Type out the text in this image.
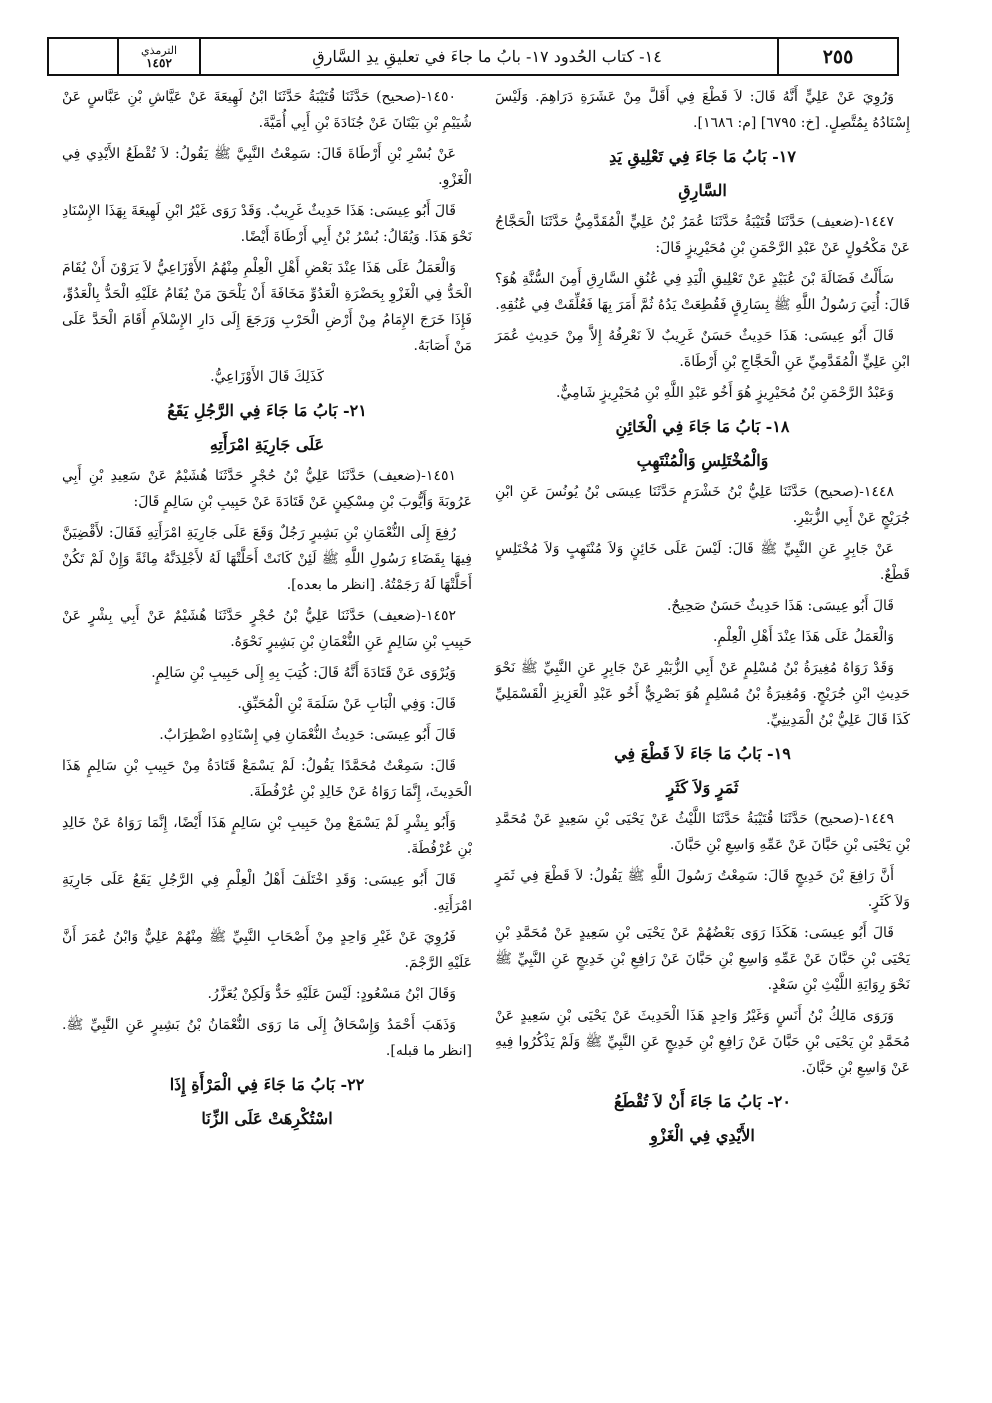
٢٥٥
١٤- كتاب الحُدود ١٧- بابُ ما جاءَ في تعليقِ يدِ السَّارقِ
الترمذي
١٤٥٢
وَرُوِيَ عَنْ عَلِيٍّ أَنَّهُ قَالَ: لاَ قَطْعَ فِي أَقَلَّ مِنْ عَشَرَةِ دَرَاهِمَ. وَلَيْسَ إِسْنَادُهُ بِمُتَّصِلٍ. [خ: ٦٧٩٥] [م: ١٦٨٦].
١٧- بَابُ مَا جَاءَ فِي تَعْلِيقِ يَدِ
السَّارِقِ
١٤٤٧-(ضعيف) حَدَّثَنَا قُتَيْبَةُ حَدَّثَنَا عُمَرُ بْنُ عَلِيٍّ الْمُقَدَّمِيُّ حَدَّثَنَا الْحَجَّاجُ عَنْ مَكْحُولٍ عَنْ عَبْدِ الرَّحْمَنِ بْنِ مُحَيْرِيزٍ قَالَ:
سَأَلْتُ فَضَالَةَ بْنَ عُبَيْدٍ عَنْ تَعْلِيقِ الْيَدِ فِي عُنُقِ السَّارِقِ أَمِنَ السُّنَّةِ هُوَ؟ قَالَ: أُتِيَ رَسُولُ اللَّهِ ﷺ بِسَارِقٍ فَقُطِعَتْ يَدُهُ ثُمَّ أَمَرَ بِهَا فَعُلِّقَتْ فِي عُنُقِهِ.
قَالَ أَبُو عِيسَى: هَذَا حَدِيثٌ حَسَنٌ غَرِيبٌ لاَ نَعْرِفُهُ إِلاَّ مِنْ حَدِيثِ عُمَرَ ابْنِ عَلِيٍّ الْمُقَدَّمِيِّ عَنِ الْحَجَّاجِ بْنِ أَرْطَاةَ.
وَعَبْدُ الرَّحْمَنِ بْنُ مُحَيْرِيزٍ هُوَ أَخُو عَبْدِ اللَّهِ بْنِ مُحَيْرِيزٍ شَامِيٌّ.
١٨- بَابُ مَا جَاءَ فِي الْخَائِنِ
وَالْمُخْتَلِسِ وَالْمُنْتَهِبِ
١٤٤٨-(صحيح) حَدَّثَنَا عَلِيُّ بْنُ خَشْرَمٍ حَدَّثَنَا عِيسَى بْنُ يُونُسَ عَنِ ابْنِ جُرَيْجٍ عَنْ أَبِي الزُّبَيْرِ.
عَنْ جَابِرٍ عَنِ النَّبِيِّ ﷺ قَالَ: لَيْسَ عَلَى خَائِنٍ وَلاَ مُنْتَهِبٍ وَلاَ مُخْتَلِسٍ قَطْعٌ.
قَالَ أَبُو عِيسَى: هَذَا حَدِيثٌ حَسَنٌ صَحِيحٌ.
وَالْعَمَلُ عَلَى هَذَا عِنْدَ أَهْلِ الْعِلْمِ.
وَقَدْ رَوَاهُ مُغِيرَةُ بْنُ مُسْلِمٍ عَنْ أَبِي الزُّبَيْرِ عَنْ جَابِرٍ عَنِ النَّبِيِّ ﷺ نَحْوَ حَدِيثِ ابْنِ جُرَيْجٍ. وَمُغِيرَةُ بْنُ مُسْلِمٍ هُوَ بَصْرِيٌّ أَخُو عَبْدِ الْعَزِيزِ الْقَسْمَلِيِّ كَذَا قَالَ عَلِيُّ بْنُ الْمَدِينِيِّ.
١٩- بَابُ مَا جَاءَ لاَ قَطْعَ فِي
ثَمَرٍ وَلاَ كَثَرٍ
١٤٤٩-(صحيح) حَدَّثَنَا قُتَيْبَةُ حَدَّثَنَا اللَّيْثُ عَنْ يَحْيَى بْنِ سَعِيدٍ عَنْ مُحَمَّدِ بْنِ يَحْيَى بْنِ حَبَّانَ عَنْ عَمِّهِ وَاسِعِ بْنِ حَبَّانَ.
أَنَّ رَافِعَ بْنَ خَدِيجٍ قَالَ: سَمِعْتُ رَسُولَ اللَّهِ ﷺ يَقُولُ: لاَ قَطْعَ فِي ثَمَرٍ وَلاَ كَثَرٍ.
قَالَ أَبُو عِيسَى: هَكَذَا رَوَى بَعْضُهُمْ عَنْ يَحْيَى بْنِ سَعِيدٍ عَنْ مُحَمَّدِ بْنِ يَحْيَى بْنِ حَبَّانَ عَنْ عَمِّهِ وَاسِعِ بْنِ حَبَّانَ عَنْ رَافِعِ بْنِ خَدِيجٍ عَنِ النَّبِيِّ ﷺ نَحْوَ رِوَايَةِ اللَّيْثِ بْنِ سَعْدٍ.
وَرَوَى مَالِكُ بْنُ أَنَسٍ وَغَيْرُ وَاحِدٍ هَذَا الْحَدِيثَ عَنْ يَحْيَى بْنِ سَعِيدٍ عَنْ مُحَمَّدِ بْنِ يَحْيَى بْنِ حَبَّانَ عَنْ رَافِعِ بْنِ خَدِيجٍ عَنِ النَّبِيِّ ﷺ وَلَمْ يَذْكُرُوا فِيهِ عَنْ وَاسِعِ بْنِ حَبَّانَ.
٢٠- بَابُ مَا جَاءَ أَنْ لاَ تُقْطَعُ
الأَيْدِي فِي الْغَزْوِ
١٤٥٠-(صحيح) حَدَّثَنَا قُتَيْبَةُ حَدَّثَنَا ابْنُ لَهِيعَةَ عَنْ عَيَّاشِ بْنِ عَبَّاسٍ عَنْ شُيَيْمِ بْنِ بَيْتَانَ عَنْ جُنَادَةَ بْنِ أَبِي أُمَيَّةَ.
عَنْ بُسْرِ بْنِ أَرْطَاةَ قَالَ: سَمِعْتُ النَّبِيَّ ﷺ يَقُولُ: لاَ تُقْطَعُ الأَيْدِي فِي الْغَزْوِ.
قَالَ أَبُو عِيسَى: هَذَا حَدِيثٌ غَرِيبٌ. وَقَدْ رَوَى غَيْرُ ابْنِ لَهِيعَةَ بِهَذَا الإِسْنَادِ نَحْوَ هَذَا. وَيُقَالُ: بُسْرُ بْنُ أَبِي أَرْطَاةَ أَيْضًا.
وَالْعَمَلُ عَلَى هَذَا عِنْدَ بَعْضِ أَهْلِ الْعِلْمِ مِنْهُمُ الأَوْزَاعِيُّ لاَ يَرَوْنَ أَنْ يُقَامَ الْحَدُّ فِي الْغَزْوِ بِحَضْرَةِ الْعَدُوِّ مَخَافَةَ أَنْ يَلْحَقَ مَنْ يُقَامُ عَلَيْهِ الْحَدُّ بِالْعَدُوِّ، فَإِذَا خَرَجَ الإِمَامُ مِنْ أَرْضِ الْحَرْبِ وَرَجَعَ إِلَى دَارِ الإِسْلاَمِ أَقَامَ الْحَدَّ عَلَى مَنْ أَصَابَهُ.
كَذَلِكَ قَالَ الأَوْزَاعِيُّ.
٢١- بَابُ مَا جَاءَ فِي الرَّجُلِ يَقَعُ
عَلَى جَارِيَةِ امْرَأَتِهِ
١٤٥١-(ضعيف) حَدَّثَنَا عَلِيُّ بْنُ حُجْرٍ حَدَّثَنَا هُشَيْمٌ عَنْ سَعِيدِ بْنِ أَبِي عَرُوبَةَ وَأَيُّوبَ بْنِ مِسْكِينٍ عَنْ قَتَادَةَ عَنْ حَبِيبِ بْنِ سَالِمٍ قَالَ:
رُفِعَ إِلَى النُّعْمَانِ بْنِ بَشِيرٍ رَجُلٌ وَقَعَ عَلَى جَارِيَةِ امْرَأَتِهِ فَقَالَ: لأَقْضِيَنَّ فِيهَا بِقَضَاءِ رَسُولِ اللَّهِ ﷺ لَئِنْ كَانَتْ أَحَلَّتْهَا لَهُ لأَجْلِدَنَّهُ مِائَةً وَإِنْ لَمْ تَكُنْ أَحَلَّتْهَا لَهُ رَجَمْتُهُ. [انظر ما بعده].
١٤٥٢-(ضعيف) حَدَّثَنَا عَلِيُّ بْنُ حُجْرٍ حَدَّثَنَا هُشَيْمٌ عَنْ أَبِي بِشْرٍ عَنْ حَبِيبِ بْنِ سَالِمٍ عَنِ النُّعْمَانِ بْنِ بَشِيرٍ نَحْوَهُ.
وَيُرْوَى عَنْ قَتَادَةَ أَنَّهُ قَالَ: كُتِبَ بِهِ إِلَى حَبِيبِ بْنِ سَالِمٍ.
قَالَ: وَفِي الْبَابِ عَنْ سَلَمَةَ بْنِ الْمُحَبِّقِ.
قَالَ أَبُو عِيسَى: حَدِيثُ النُّعْمَانِ فِي إِسْنَادِهِ اضْطِرَابٌ.
قَالَ: سَمِعْتُ مُحَمَّدًا يَقُولُ: لَمْ يَسْمَعْ قَتَادَةُ مِنْ حَبِيبِ بْنِ سَالِمٍ هَذَا الْحَدِيثَ، إِنَّمَا رَوَاهُ عَنْ خَالِدِ بْنِ عُرْفُطَةَ.
وَأَبُو بِشْرٍ لَمْ يَسْمَعْ مِنْ حَبِيبِ بْنِ سَالِمٍ هَذَا أَيْضًا، إِنَّمَا رَوَاهُ عَنْ خَالِدِ بْنِ عُرْفُطَةَ.
قَالَ أَبُو عِيسَى: وَقَدِ اخْتَلَفَ أَهْلُ الْعِلْمِ فِي الرَّجُلِ يَقَعُ عَلَى جَارِيَةِ امْرَأَتِهِ.
فَرُوِيَ عَنْ غَيْرِ وَاحِدٍ مِنْ أَصْحَابِ النَّبِيِّ ﷺ مِنْهُمْ عَلِيٌّ وَابْنُ عُمَرَ أَنَّ عَلَيْهِ الرَّجْمَ.
وَقَالَ ابْنُ مَسْعُودٍ: لَيْسَ عَلَيْهِ حَدٌّ وَلَكِنْ يُعَزَّرُ.
وَذَهَبَ أَحْمَدُ وَإِسْحَاقُ إِلَى مَا رَوَى النُّعْمَانُ بْنُ بَشِيرٍ عَنِ النَّبِيِّ ﷺ. [انظر ما قبله].
٢٢- بَابُ مَا جَاءَ فِي الْمَرْأَةِ إِذَا
اسْتُكْرِهَتْ عَلَى الزِّنَا
